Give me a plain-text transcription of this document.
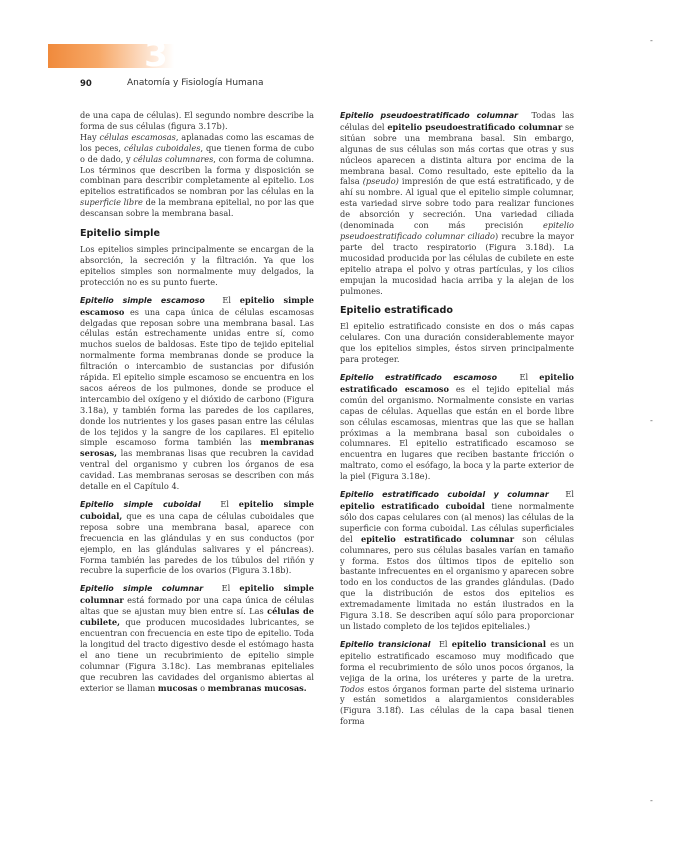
3
90	Anatomía y Fisiología Humana
-
-
-

de una capa de células). El segundo nombre describe la forma de sus células (figura 3.17b).

Hay células escamosas, aplanadas como las escamas de los peces, células cuboidales, que tienen forma de cubo o de dado, y células columnares, con forma de columna. Los términos que describen la forma y disposición se combinan para describir completamente al epitelio. Los epitelios estratificados se nombran por las células en la superficie libre de la membrana epitelial, no por las que descansan sobre la membrana basal.

Epitelio simple

Los epitelios simples principalmente se encargan de la absorción, la secreción y la filtración. Ya que los epitelios simples son normalmente muy delgados, la protección no es su punto fuerte.

Epitelio simple escamoso  El epitelio simple escamoso es una capa única de células escamosas delgadas que reposan sobre una membrana basal. Las células están estrechamente unidas entre sí, como muchos suelos de baldosas. Este tipo de tejido epitelial normalmente forma membranas donde se produce la filtración o intercambio de sustancias por difusión rápida. El epitelio simple escamoso se encuentra en los sacos aéreos de los pulmones, donde se produce el intercambio del oxígeno y el dióxido de carbono (Figura 3.18a), y también forma las paredes de los capilares, donde los nutrientes y los gases pasan entre las células de los tejidos y la sangre de los capilares. El epitelio simple escamoso forma también las membranas serosas, las membranas lisas que recubren la cavidad ventral del organismo y cubren los órganos de esa cavidad. Las membranas serosas se describen con más detalle en el Capítulo 4.

Epitelio simple cuboidal  El epitelio simple cuboidal, que es una capa de células cuboidales que reposa sobre una membrana basal, aparece con frecuencia en las glándulas y en sus conductos (por ejemplo, en las glándulas salivares y el páncreas). Forma también las paredes de los túbulos del riñón y recubre la superficie de los ovarios (Figura 3.18b).

Epitelio simple columnar  El epitelio simple columnar está formado por una capa única de células altas que se ajustan muy bien entre sí. Las células de cubilete, que producen mucosidades lubricantes, se encuentran con frecuencia en este tipo de epitelio. Toda la longitud del tracto digestivo desde el estómago hasta el ano tiene un recubrimiento de epitelio simple columnar (Figura 3.18c). Las membranas epiteliales que recubren las cavidades del organismo abiertas al exterior se llaman mucosas o membranas mucosas.

Epitelio pseudoestratificado columnar Todas las células del epitelio pseudoestratificado columnar se sitúan sobre una membrana basal. Sin embargo, algunas de sus células son más cortas que otras y sus núcleos aparecen a distinta altura por encima de la membrana basal. Como resultado, este epitelio da la falsa (pseudo) impresión de que está estratificado, y de ahí su nombre. Al igual que el epitelio simple columnar, esta variedad sirve sobre todo para realizar funciones de absorción y secreción. Una variedad ciliada (denominada con más precisión epitelio pseudoestratificado columnar ciliado) recubre la mayor parte del tracto respiratorio (Figura 3.18d). La mucosidad producida por las células de cubilete en este epitelio atrapa el polvo y otras partículas, y los cilios empujan la mucosidad hacia arriba y la alejan de los pulmones.

Epitelio estratificado

El epitelio estratificado consiste en dos o más capas celulares. Con una duración considerablemente mayor que los epitelios simples, éstos sirven principalmente para proteger.

Epitelio estratificado escamoso	El epitelio estratificado escamoso es el tejido epitelial más común del organismo. Normalmente consiste en varias capas de células. Aquellas que están en el borde libre son células escamosas, mientras que las que se hallan próximas a la membrana basal son cuboidales o columnares. El epitelio estratificado escamoso se encuentra en lugares que reciben bastante fricción o maltrato, como el esófago, la boca y la parte exterior de la piel (Figura 3.18e).

Epitelio estratificado cuboidal y columnar El epitelio estratificado cuboidal tiene normalmente sólo dos capas celulares con (al menos) las células de la superficie con forma cuboidal. Las células superficiales del epitelio estratificado columnar son células columnares, pero sus células basales varían en tamaño y forma. Estos dos últimos tipos de epitelio son bastante infrecuentes en el organismo y aparecen sobre todo en los conductos de las grandes glándulas. (Dado que la distribución de estos dos epitelios es extremadamente limitada no están ilustrados en la Figura 3.18. Se describen aquí sólo para proporcionar un listado completo de los tejidos epiteliales.)

Epitelio transicional El epitelio transicional es un epitelio estratificado escamoso muy modificado que forma el recubrimiento de sólo unos pocos órganos, la vejiga de la orina, los uréteres y parte de la uretra. Todos estos órganos forman parte del sistema urinario y están sometidos a alargamientos considerables (Figura 3.18f). Las células de la capa basal tienen forma
